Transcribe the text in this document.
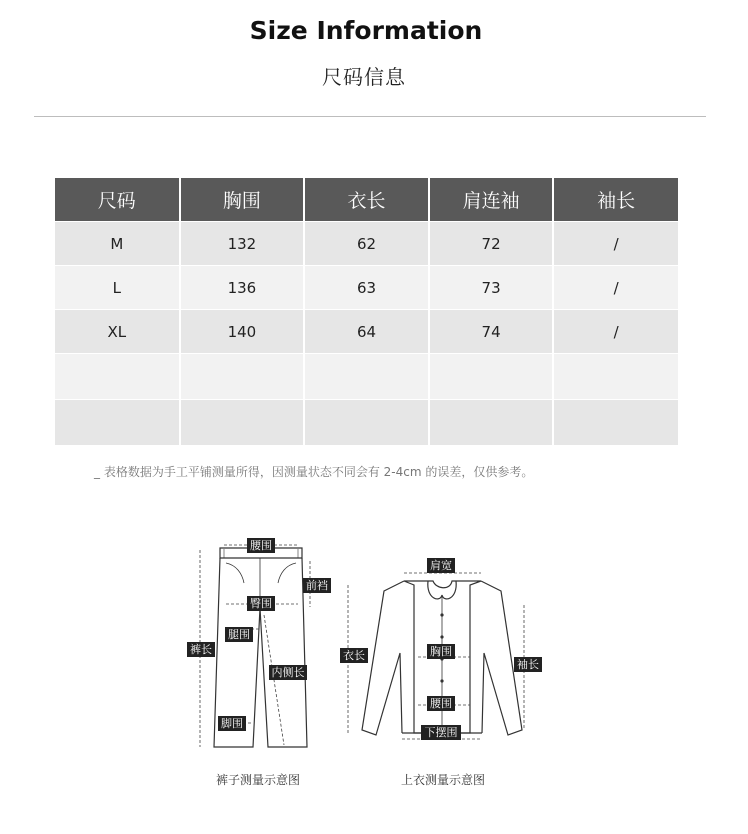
Size Information
尺码信息
尺码	胸围	衣长	肩连袖	袖长
M	132	62	72	/
L	136	63	73	/
XL	140	64	74	/

_ 表格数据为手工平铺测量所得，因测量状态不同会有 2-4cm 的误差，仅供参考。
腰围
前裆
臀围
腿围
裤长
内侧长
脚围
肩宽
衣长	胸围
袖长
腰围
下摆围
裤子测量示意图	上衣测量示意图
